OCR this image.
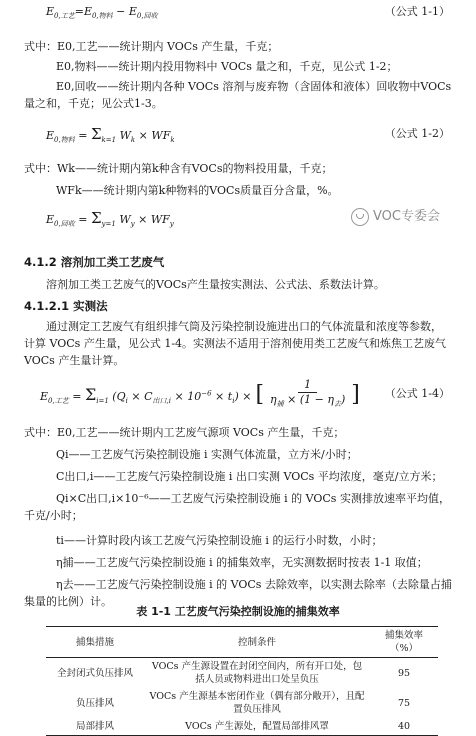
$E_{0,工艺}=E_{0,物料} - E_{0,回收}$	（公式 1-1）
式中：E0,工艺——统计期内 VOCs 产生量，千克；
E0,物料——统计期内投用物料中 VOCs 量之和，千克，见公式 1-2；
E0,回收——统计期内各种 VOCs 溶剂与废弃物（含固体和液体）回收物中VOCs量之和，千克；见公式1-3。
$E_{0,物料} = \Sigma_{k=1}$ $W_k \times WF_k$
（公式 1-2）
式中：Wk——统计期内第k种含有VOCs的物料投用量，千克；
WFk——统计期内第k种物料的VOCs质量百分含量，%。
$E_{0,回收} = \Sigma_{y=1}$ $W_y \times WF_y$
VOC专委会
4.1.2 溶剂加工类工艺废气
溶剂加工类工艺废气的VOCs产生量按实测法、公式法、系数法计算。
4.1.2.1 实测法
通过测定工艺废气有组织排气筒及污染控制设施进出口的气体流量和浓度等参数，计算 VOCs 产生量，见公式 1-4。实测法不适用于溶剂使用类工艺废气和炼焦工艺废气 VOCs 产生量计算。
$E_{0,工艺} = \Sigma_{i=1}$ $(Q_i \times C_{出口,i} \times 10^{-6} \times t_i)$ × [ $\frac{1}{\eta_捕 \times (1 - \eta_去)}$ ] （公式 1-4）
式中：E0,工艺——统计期内工艺废气源项 VOCs 产生量，千克；
Qi——工艺废气污染控制设施 i 实测气体流量，立方米/小时；
C出口,i——工艺废气污染控制设施 i 出口实测 VOCs 平均浓度，毫克/立方米；
Qi×C出口,i×10⁻⁶——工艺废气污染控制设施 i 的 VOCs 实测排放速率平均值，千克/小时；
ti——计算时段内该工艺废气污染控制设施 i 的运行小时数，小时；
η捕——工艺废气污染控制设施 i 的捕集效率，无实测数据时按表 1-1 取值；
η去——工艺废气污染控制设施 i 的 VOCs 去除效率，以实测去除率（去除量占捕集量的比例）计。
表 1-1 工艺废气污染控制设施的捕集效率
捕集措施	控制条件	捕集效率（%）
全封闭式负压排风	VOCs 产生源设置在封闭空间内，所有开口处，包括人员或物料进出口处呈负压	95
负压排风	VOCs 产生源基本密闭作业（偶有部分敞开），且配置负压排风	75
局部排风	VOCs 产生源处，配置局部排风罩	40
